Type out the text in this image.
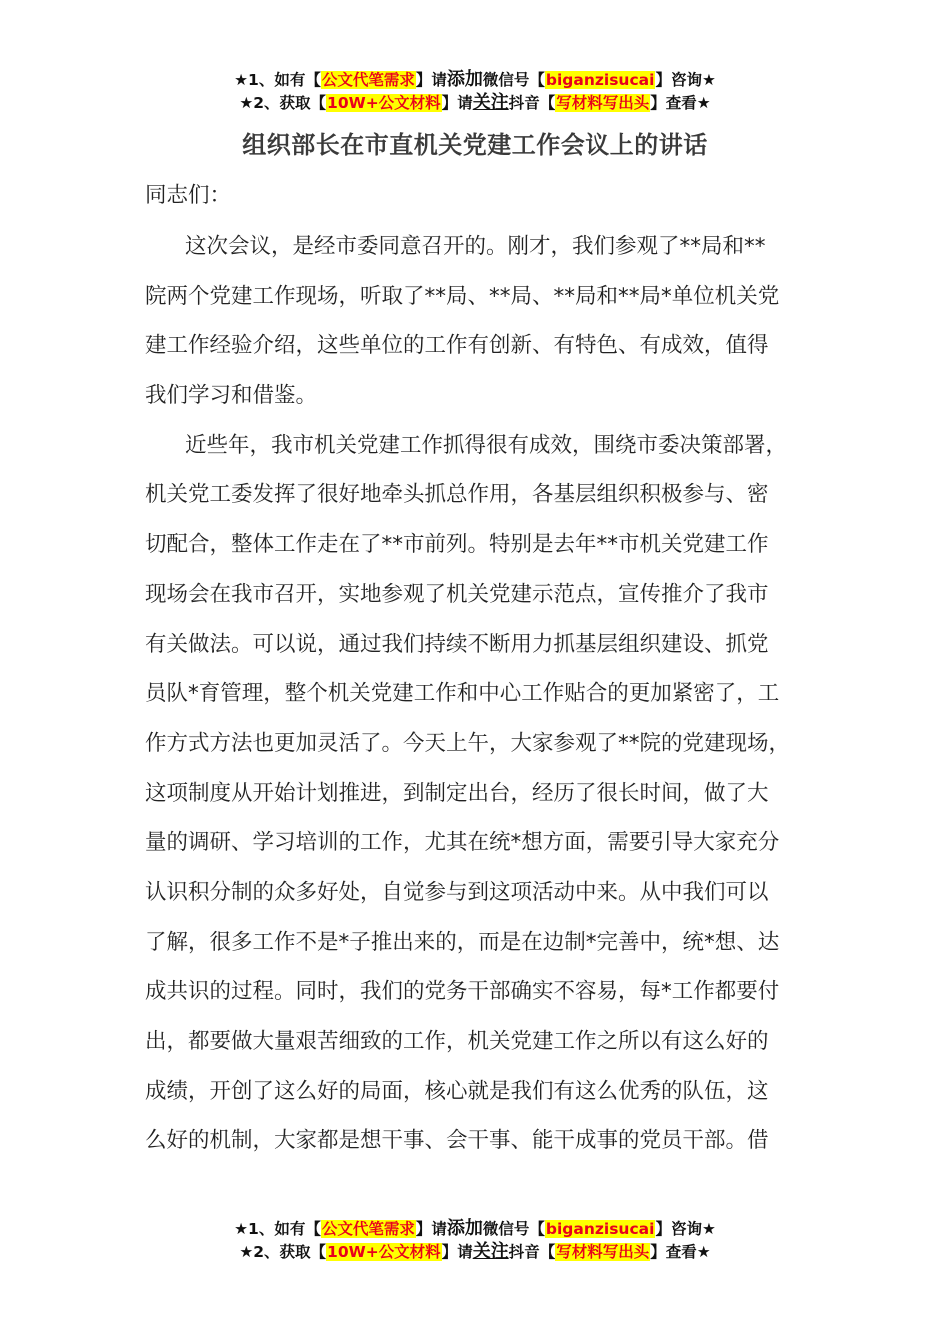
★1、如有【公文代笔需求】请添加微信号【biganzisucai】咨询★
★2、获取【10W+公文材料】请关注抖音【写材料写出头】查看★
组织部长在市直机关党建工作会议上的讲话

同志们：

这次会议，是经市委同意召开的。刚才，我们参观了**局和**
院两个党建工作现场，听取了**局、**局、**局和**局*单位机关党
建工作经验介绍，这些单位的工作有创新、有特色、有成效，值得
我们学习和借鉴。
近些年，我市机关党建工作抓得很有成效，围绕市委决策部署，
机关党工委发挥了很好地牵头抓总作用，各基层组织积极参与、密
切配合，整体工作走在了**市前列。特别是去年**市机关党建工作
现场会在我市召开，实地参观了机关党建示范点，宣传推介了我市
有关做法。可以说，通过我们持续不断用力抓基层组织建设、抓党
员队*育管理，整个机关党建工作和中心工作贴合的更加紧密了，工
作方式方法也更加灵活了。今天上午，大家参观了**院的党建现场，
这项制度从开始计划推进，到制定出台，经历了很长时间，做了大
量的调研、学习培训的工作，尤其在统*想方面，需要引导大家充分
认识积分制的众多好处，自觉参与到这项活动中来。从中我们可以
了解，很多工作不是*子推出来的，而是在边制*完善中，统*想、达
成共识的过程。同时，我们的党务干部确实不容易，每*工作都要付
出，都要做大量艰苦细致的工作，机关党建工作之所以有这么好的
成绩，开创了这么好的局面，核心就是我们有这么优秀的队伍，这
么好的机制，大家都是想干事、会干事、能干成事的党员干部。借
★1、如有【公文代笔需求】请添加微信号【biganzisucai】咨询★
★2、获取【10W+公文材料】请关注抖音【写材料写出头】查看★
